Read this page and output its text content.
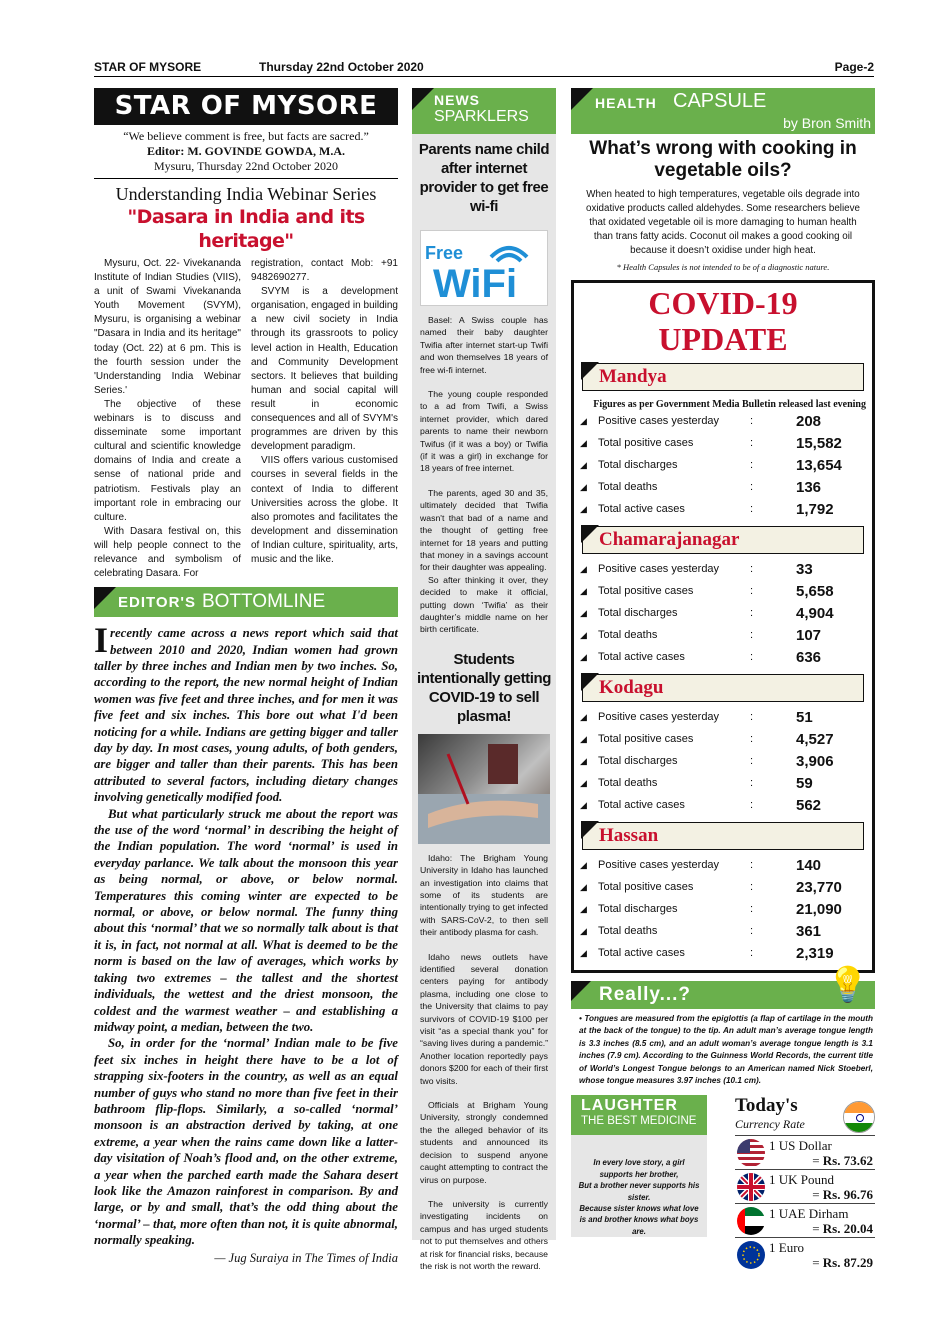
STAR OF MYSORE	Thursday 22nd October 2020	Page-2
STAR OF MYSORE
“We believe comment is free, but facts are sacred.”
Editor: M. GOVINDE GOWDA, M.A.
Mysuru, Thursday 22nd October 2020
Understanding India Webinar Series
"Dasara in India and its heritage"

Mysuru, Oct. 22- Vivekananda Institute of Indian Studies (VIIS), a unit of Swami Vivekananda Youth Movement (SVYM), Mysuru, is organising a webinar "Dasara in India and its heritage" today (Oct. 22) at 6 pm. This is the fourth session under the 'Understanding India Webinar Series.'

The objective of these webinars is to discuss and disseminate some important cultural and scientific knowledge domains of India and create a sense of national pride and patriotism. Festivals play an important role in embracing our culture.

With Dasara festival on, this will help people connect to the relevance and symbolism of celebrating Dasara. For

registration, contact Mob: +91 9482690277.

SVYM is a development organisation, engaged in building a new civil society in India through its grassroots to policy level action in Health, Education and Community Development sectors. It believes that building human and social capital will result in economic consequences and all of SVYM's programmes are driven by this development paradigm.

VIIS offers various customised courses in several fields in the context of India to different Universities across the globe. It also promotes and facilitates the development and dissemination of Indian culture, spirituality, arts, music and the like.

EDITOR'S BOTTOMLINE

Irecently came across a news report which said that between 2010 and 2020, Indian women had grown taller by three inches and Indian men by two inches. So, according to the report, the new normal height of Indian women was five feet and three inches, and for men it was five feet and six inches. This bore out what I'd been noticing for a while. Indians are getting bigger and taller day by day. In most cases, young adults, of both genders, are bigger and taller than their parents. This has been attributed to several factors, including dietary changes involving genetically modified food.

But what particularly struck me about the report was the use of the word ‘normal’ in describing the height of the Indian population. The word ‘normal’ is used in everyday parlance. We talk about the monsoon this year as being normal, or above, or below normal. Temperatures this coming winter are expected to be normal, or above, or below normal. The funny thing about this ‘normal’ that we so normally talk about is that it is, in fact, not normal at all. What is deemed to be the norm is based on the law of averages, which works by taking two extremes – the tallest and the shortest individuals, the wettest and the driest monsoon, the coldest and the warmest weather – and establishing a midway point, a median, between the two.

So, in order for the ‘normal’ Indian male to be five feet six inches in height there have to be a lot of strapping six-footers in the country, as well as an equal number of guys who stand no more than five feet in their bathroom flip-flops. Similarly, a so-called ‘normal’ monsoon is an abstraction derived by taking, at one extreme, a year when the rains came down like a latter-day visitation of Noah’s flood and, on the other extreme, a year when the parched earth made the Sahara desert look like the Amazon rainforest in comparison. By and large, or by and small, that’s the odd thing about the ‘normal’ – that, more often than not, it is quite abnormal, normally speaking.

— Jug Suraiya in The Times of India
NEWS
SPARKLERS
Parents name child after internet provider to get free wi-fi
Free
WiFi

Basel: A Swiss couple has named their baby daughter Twifia after internet start-up Twifi and won themselves 18 years of free wi-fi internet.

The young couple responded to a ad from Twifi, a Swiss internet provider, which dared parents to name their newborn Twifus (if it was a boy) or Twifia (if it was a girl) in exchange for 18 years of free internet.

The parents, aged 30 and 35, ultimately decided that Twifia wasn't that bad of a name and the thought of getting free internet for 18 years and putting that money in a savings account for their daughter was appealing.

So after thinking it over, they decided to make it official, putting down ‘Twifia’ as their daughter’s middle name on her birth certificate.

Students intentionally getting COVID-19 to sell plasma!

Idaho: The Brigham Young University in Idaho has launched an investigation into claims that some of its students are intentionally trying to get infected with SARS-CoV-2, to then sell their antibody plasma for cash.

Idaho news outlets have identified several donation centers paying for antibody plasma, including one close to the University that claims to pay survivors of COVID-19 $100 per visit “as a special thank you” for “saving lives during a pandemic.” Another location reportedly pays donors $200 for each of their first two visits.

Officials at Brigham Young University, strongly condemned the the alleged behavior of its students and announced its decision to suspend anyone caught attempting to contract the virus on purpose.

The university is currently investigating incidents on campus and has urged students not to put themselves and others at risk for financial risks, because the risk is not worth the reward.

HEALTH CAPSULE
by Bron Smith
What’s wrong with cooking in vegetable oils?
When heated to high temperatures, vegetable oils degrade into oxidative products called aldehydes. Some researchers believe that oxidated vegetable oil is more damaging to human health than trans fatty acids. Coconut oil makes a good cooking oil because it doesn’t oxidise under high heat.
* Health Capsules is not intended to be of a diagnostic nature.
COVID-19 UPDATE
Mandya
Figures as per Government Media Bulletin released last evening
◢	Positive cases yesterday	:	208
◢	Total positive cases	:	15,582
◢	Total discharges	:	13,654
◢	Total deaths	:	136
◢	Total active cases	:	1,792
Chamarajanagar
◢	Positive cases yesterday	:	33
◢	Total positive cases	:	5,658
◢	Total discharges	:	4,904
◢	Total deaths	:	107
◢	Total active cases	:	636
Kodagu
◢	Positive cases yesterday	:	51
◢	Total positive cases	:	4,527
◢	Total discharges	:	3,906
◢	Total deaths	:	59
◢	Total active cases	:	562
Hassan
◢	Positive cases yesterday	:	140
◢	Total positive cases	:	23,770
◢	Total discharges	:	21,090
◢	Total deaths	:	361
◢	Total active cases	:	2,319
Really...?	💡
• Tongues are measured from the epiglottis (a flap of cartilage in the mouth at the back of the tongue) to the tip. An adult man’s average tongue length is 3.3 inches (8.5 cm), and an adult woman’s average tongue length is 3.1 inches (7.9 cm). According to the Guinness World Records, the current title of World’s Longest Tongue belongs to an American named Nick Stoeberl, whose tongue measures 3.97 inches (10.1 cm).
LAUGHTER
THE BEST MEDICINE
In every love story, a girl supports her brother,
But a brother never supports his sister.
Because sister knows what love is and brother knows what boys are.
Today's
Currency Rate
1 US Dollar
= Rs. 73.62
1 UK Pound
= Rs. 96.76
1 UAE Dirham
= Rs. 20.04
1 Euro
= Rs. 87.29
